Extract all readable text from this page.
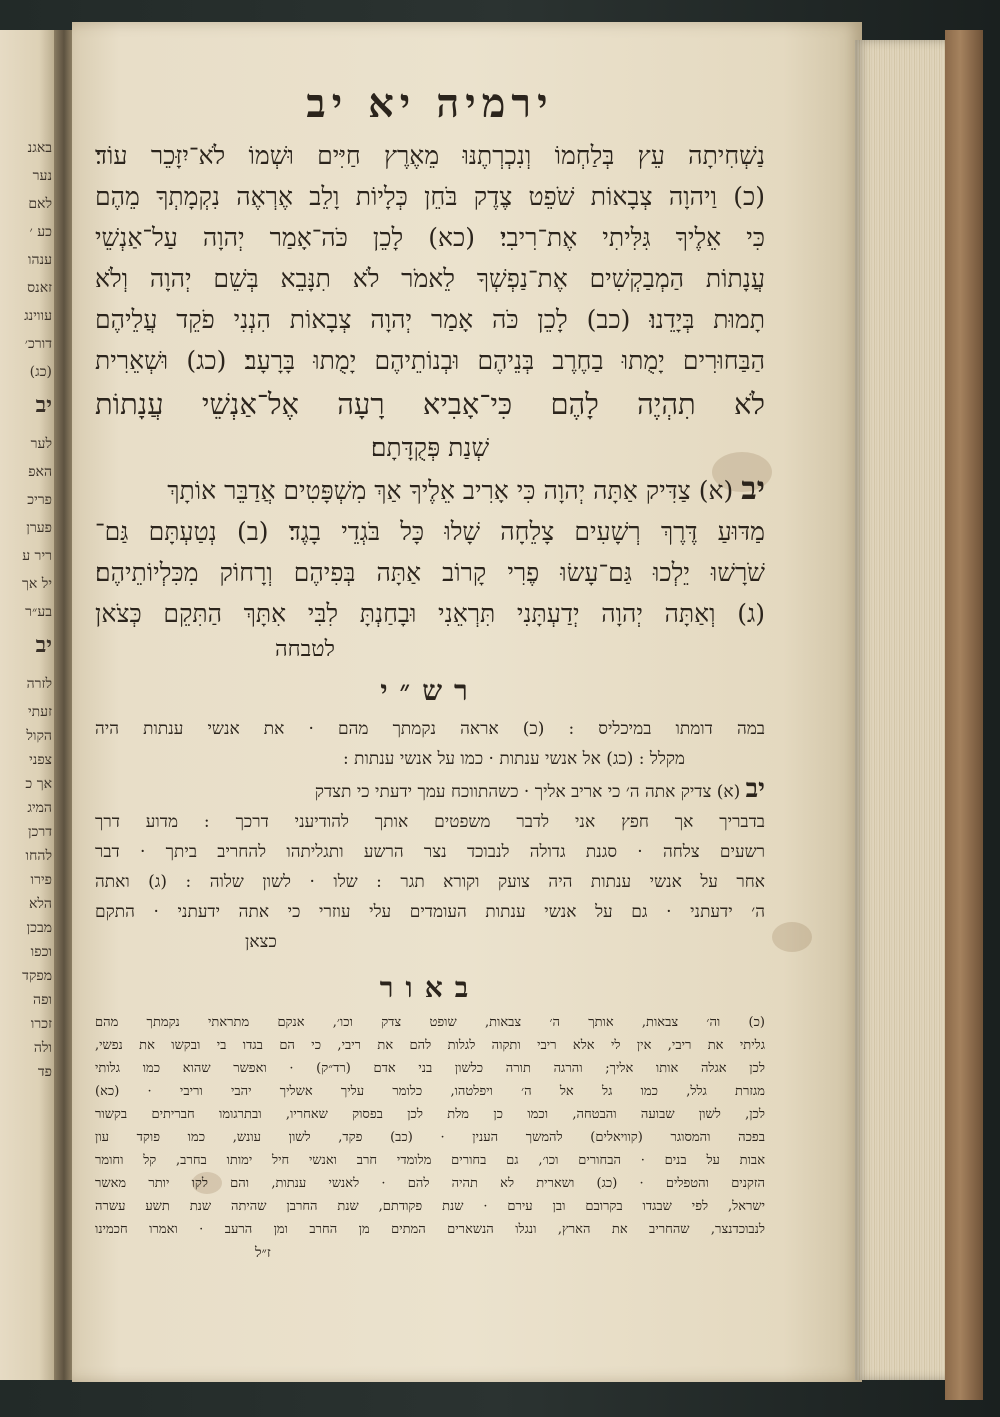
באגנ
נער
לאם
כע ׳
ענהו
זאנס
עווינג
דורכ׳
(כג)
יב
לער
האפ
פריכ
פערן
ריר ע
יל אך
בע״ר
יב
לזרה
זעתי
הקול
צפני
אך כ
המיג
דרכן
להחו
פירו
הלא
מבכן
וכפו
מפקד
ופה
זכרו
ולה
פד
ירמיה יא יב
נַשְׁחִיתָה עֵץ בְּלַחְמוֹ וְנִכְרְתֶנּוּ מֵאֶרֶץ חַיִּים וּשְׁמוֹ לֹא־יִזָּכֵר עוֹד׃
(כ) וַיהוָה צְבָאוֹת שֹׁפֵט צֶדֶק בֹּחֵן כְּלָיוֹת וָלֵב אֶרְאֶה נִקְמָתְךָ מֵהֶם
כִּי אֵלֶיךָ גִּלִּיתִי אֶת־רִיבִי׃ (כא) לָכֵן כֹּה־אָמַר יְהוָה עַל־אַנְשֵׁי
עֲנָתוֹת הַמְבַקְשִׁים אֶת־נַפְשְׁךָ לֵאמֹר לֹא תִנָּבֵא בְּשֵׁם יְהוָה וְלֹא
תָמוּת בְּיָדֵנוּ׃ (כב) לָכֵן כֹּה אָמַר יְהוָה צְבָאוֹת הִנְנִי פֹקֵד עֲלֵיהֶם
הַבַּחוּרִים יָמֻתוּ בַחֶרֶב בְּנֵיהֶם וּבְנוֹתֵיהֶם יָמֻתוּ בָּרָעָב׃ (כג) וּשְׁאֵרִית
לֹא תִהְיֶה לָהֶם כִּי־אָבִיא רָעָה אֶל־אַנְשֵׁי עֲנָתוֹת
שְׁנַת פְּקֻדָּתָם׃
יב (א) צַדִּיק אַתָּה יְהוָה כִּי אָרִיב אֵלֶיךָ אַךְ מִשְׁפָּטִים אֲדַבֵּר אוֹתָךְ
מַדּוּעַ דֶּרֶךְ רְשָׁעִים צָלֵחָה שָׁלוּ כָּל בֹּגְדֵי בָגֶד׃ (ב) נְטַעְתָּם גַּם־
שֹׁרָשׁוּ יֵלְכוּ גַּם־עָשׂוּ פֶרִי קָרוֹב אַתָּה בְּפִיהֶם וְרָחוֹק מִכִּלְיוֹתֵיהֶם׃
(ג) וְאַתָּה יְהוָה יְדַעְתָּנִי תִּרְאֵנִי וּבָחַנְתָּ לִבִּי אִתָּךְ הַתִּקֵם כְּצֹאן
לטבחה
רש״י
במה דומתו במיכליס : (כ) אראה נקמתך מהם · את אנשי ענתות היה
מקלל : (כג) אל אנשי ענתות · כמו על אנשי ענתות :
יב (א) צדיק אתה ה׳ כי אריב אליך · כשהתווכח עמך ידעתי כי תצדק
בדבריך אך חפץ אני לדבר משפטים אותך להודיעני דרכך : מדוע דרך
רשעים צלחה · סגנת גדולה לנבוכד נצר הרשע ותגליתהו להחריב ביתך · דבר
אחר על אנשי ענתות היה צועק וקורא תגר : שלו · לשון שלוה : (ג) ואתה
ה׳ ידעתני · גם על אנשי ענתות העומדים עלי עוזרי כי אתה ידעתני · התקם
כצאן
באור
(כ) וה׳ צבאות, אותך ה׳ צבאות, שופט צדק וכו׳, אנקם מתראתי נקמתך מהם
גליתי את ריבי, אין לי אלא ריבי ותקוה לגלות להם את ריבי, כי הם בגדו בי ובקשו את נפשי,
לכן אגלה אותו אליך; והרגה תורה כלשון בני אדם (רד״ק) · ואפשר שהוא כמו גלותי
מגזרת גלל, כמו גל אל ה׳ ויפלטהו, כלומר עליך אשליך יהבי וריבי · (כא)
לכן, לשון שבועה והבטחה, וכמו כן מלת לכן בפסוק שאחריו, ובתרגומו חבריתים בקשור
בפכה והמסוגר (קוויאלים) להמשך הענין · (כב) פקד, לשון עונש, כמו פוקד עון
אבות על בנים · הבחורים וכו׳, גם בחורים מלומדי חרב ואנשי חיל ימותו בחרב, קל וחומר
הזקנים והטפלים · (כג) ושארית לא תהיה להם · לאנשי ענתות, והם לקו יותר מאשר
ישראל, לפי שבגדו בקרובם ובן עירם · שנת פקודתם, שנת החרבן שהיתה שנת תשע עשרה
לנבוכדנצר, שהחריב את הארץ, ונגלו הנשארים המתים מן החרב ומן הרעב · ואמרו חכמינו
ז״ל
